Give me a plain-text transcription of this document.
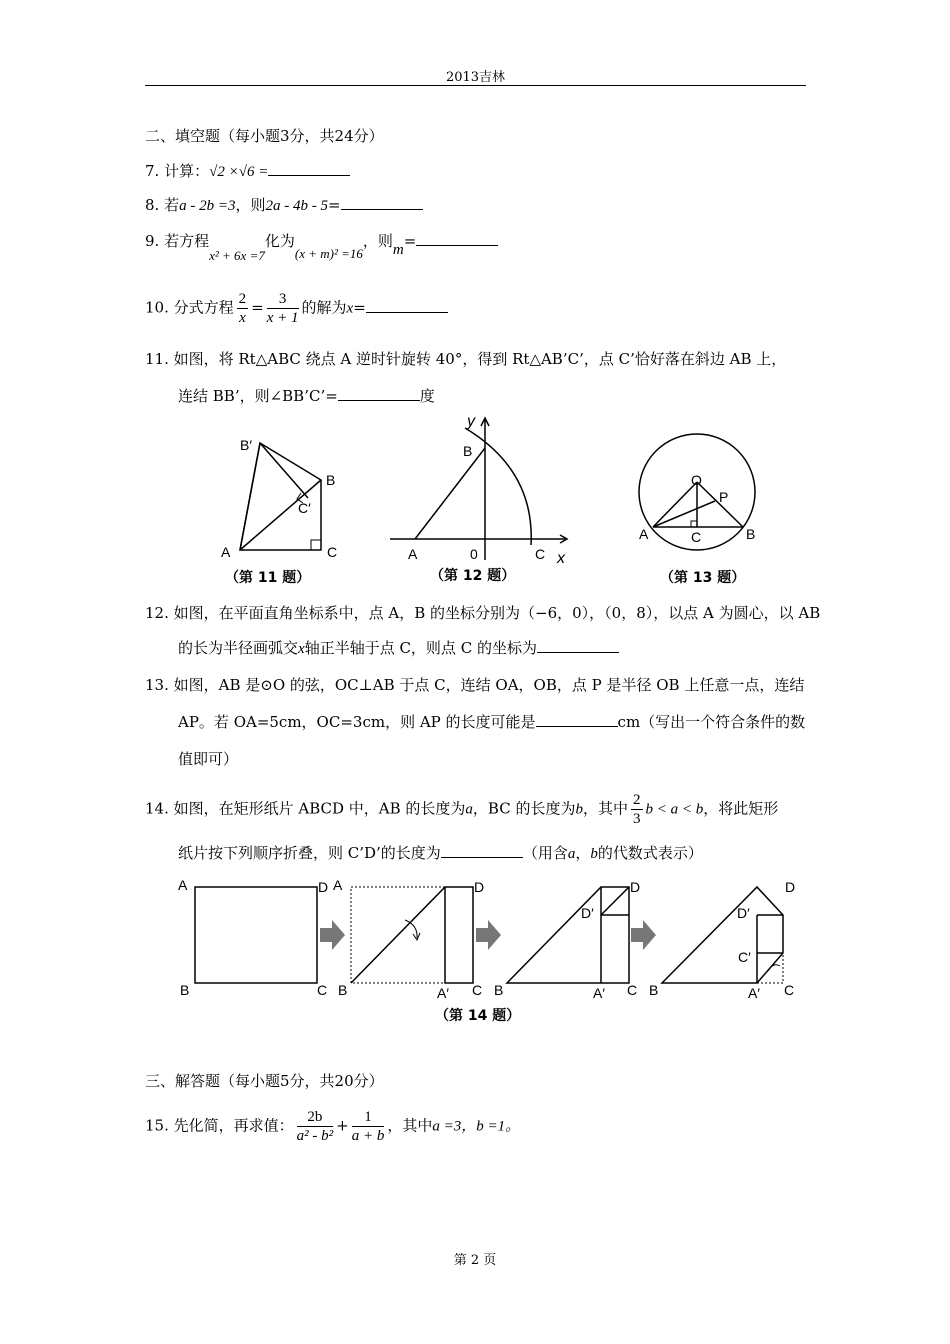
2013吉林
二、填空题（每小题3分，共24分）
7. 计算：√2 ×√6 =
8. 若a - 2b =3，则2a - 4b - 5=
9. 若方程x² + 6x =7化为(x + m)² =16，则m=
10. 分式方程 $\frac{2}{x} = \frac{3}{x + 1}$ 的解为x=
11. 如图，将 Rt△ABC 绕点 A 逆时针旋转 40°，得到 Rt△AB’C’，点 C’恰好落在斜边 AB 上，
连结 BB’，则∠BB’C’=	度
B′
B
C′
A	C
（第 11 题）
y
B
A	0	C x
（第 12 题）
O
P
A	C	B
（第 13 题）
12. 如图，在平面直角坐标系中，点 A，B 的坐标分别为（−6，0），（0，8），以点 A 为圆心，以 AB
的长为半径画弧交x轴正半轴于点 C，则点 C 的坐标为
13. 如图，AB 是⊙O 的弦，OC⊥AB 于点 C，连结 OA，OB，点 P 是半径 OB 上任意一点，连结
AP。若 OA=5cm，OC=3cm，则 AP 的长度可能是	cm（写出一个符合条件的数
值即可）
14. 如图，在矩形纸片 ABCD 中，AB 的长度为a，BC 的长度为b，其中 $\frac{2}{3}$ b < a < b，将此矩形
纸片按下列顺序折叠，则 C’D’的长度为	（用含a，b的代数式表示）
A	D
B	C
A	D
B	A′ C
D′
D
B	A′ C
D
D′
C′
B	A′ C
（第 14 题）
三、解答题（每小题5分，共20分）
15. 先化简，再求值： $\frac{2b}{\text{a² - b²}} + \frac{1}{a + b}$ ，其中a =3，b =1。
第 2 页
